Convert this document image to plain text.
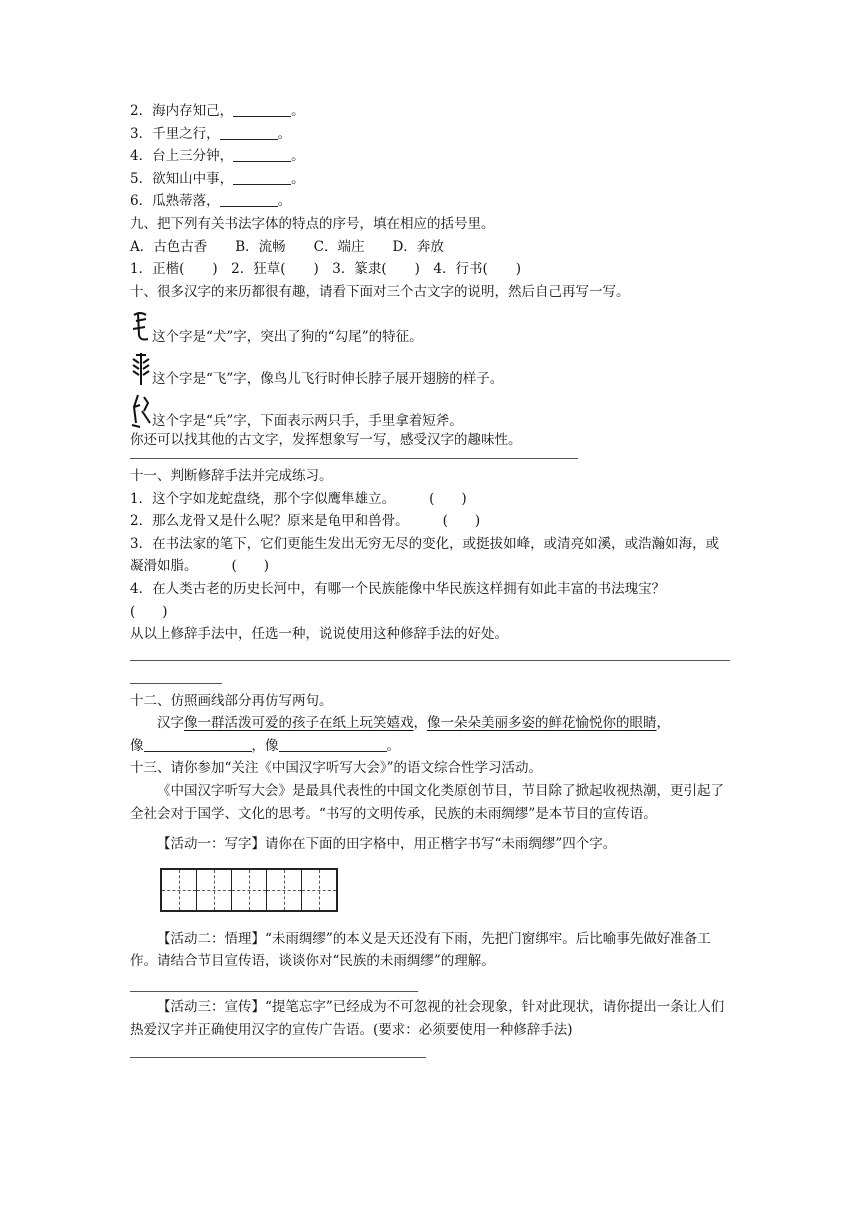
2．海内存知己，	。
3．千里之行，	。
4．台上三分钟，	。
5．欲知山中事，	。
6．瓜熟蒂落，	。
九、把下列有关书法字体的特点的序号，填在相应的括号里。
A．古色古香 B．流畅 C．端庄 D．奔放
1．正楷( )　2．狂草( )　3．篆隶( )　4．行书( )
十、很多汉字的来历都很有趣，请看下面对三个古文字的说明，然后自己再写一写。
这个字是“犬”字，突出了狗的“勾尾”的特征。
这个字是“飞”字，像鸟儿飞行时伸长脖子展开翅膀的样子。
这个字是“兵”字，下面表示两只手，手里拿着短斧。
你还可以找其他的古文字，发挥想象写一写，感受汉字的趣味性。
十一、判断修辞手法并完成练习。
1．这个字如龙蛇盘绕，那个字似鹰隼雄立。	(　　)
2．那么龙骨又是什么呢？原来是龟甲和兽骨。	(　　)
3．在书法家的笔下，它们更能生发出无穷无尽的变化，或挺拔如峰，或清亮如溪，或浩瀚如海，或凝滑如脂。	(　　)
4．在人类古老的历史长河中，有哪一个民族能像中华民族这样拥有如此丰富的书法瑰宝？
(　　)
从以上修辞手法中，任选一种，说说使用这种修辞手法的好处。
十二、仿照画线部分再仿写两句。
汉字像一群活泼可爱的孩子在纸上玩笑嬉戏，像一朵朵美丽多姿的鲜花愉悦你的眼睛，
像	，像	。
十三、请你参加“关注《中国汉字听写大会》”的语文综合性学习活动。
《中国汉字听写大会》是最具代表性的中国文化类原创节目，节目除了掀起收视热潮，更引起了全社会对于国学、文化的思考。“书写的文明传承，民族的未雨绸缪”是本节目的宣传语。
【活动一：写字】请你在下面的田字格中，用正楷字书写“未雨绸缪”四个字。
【活动二：悟理】“未雨绸缪”的本义是天还没有下雨，先把门窗绑牢。后比喻事先做好准备工作。请结合节目宣传语，谈谈你对“民族的未雨绸缪”的理解。
【活动三：宣传】“提笔忘字”已经成为不可忽视的社会现象，针对此现状，请你提出一条让人们热爱汉字并正确使用汉字的宣传广告语。(要求：必须要使用一种修辞手法)
